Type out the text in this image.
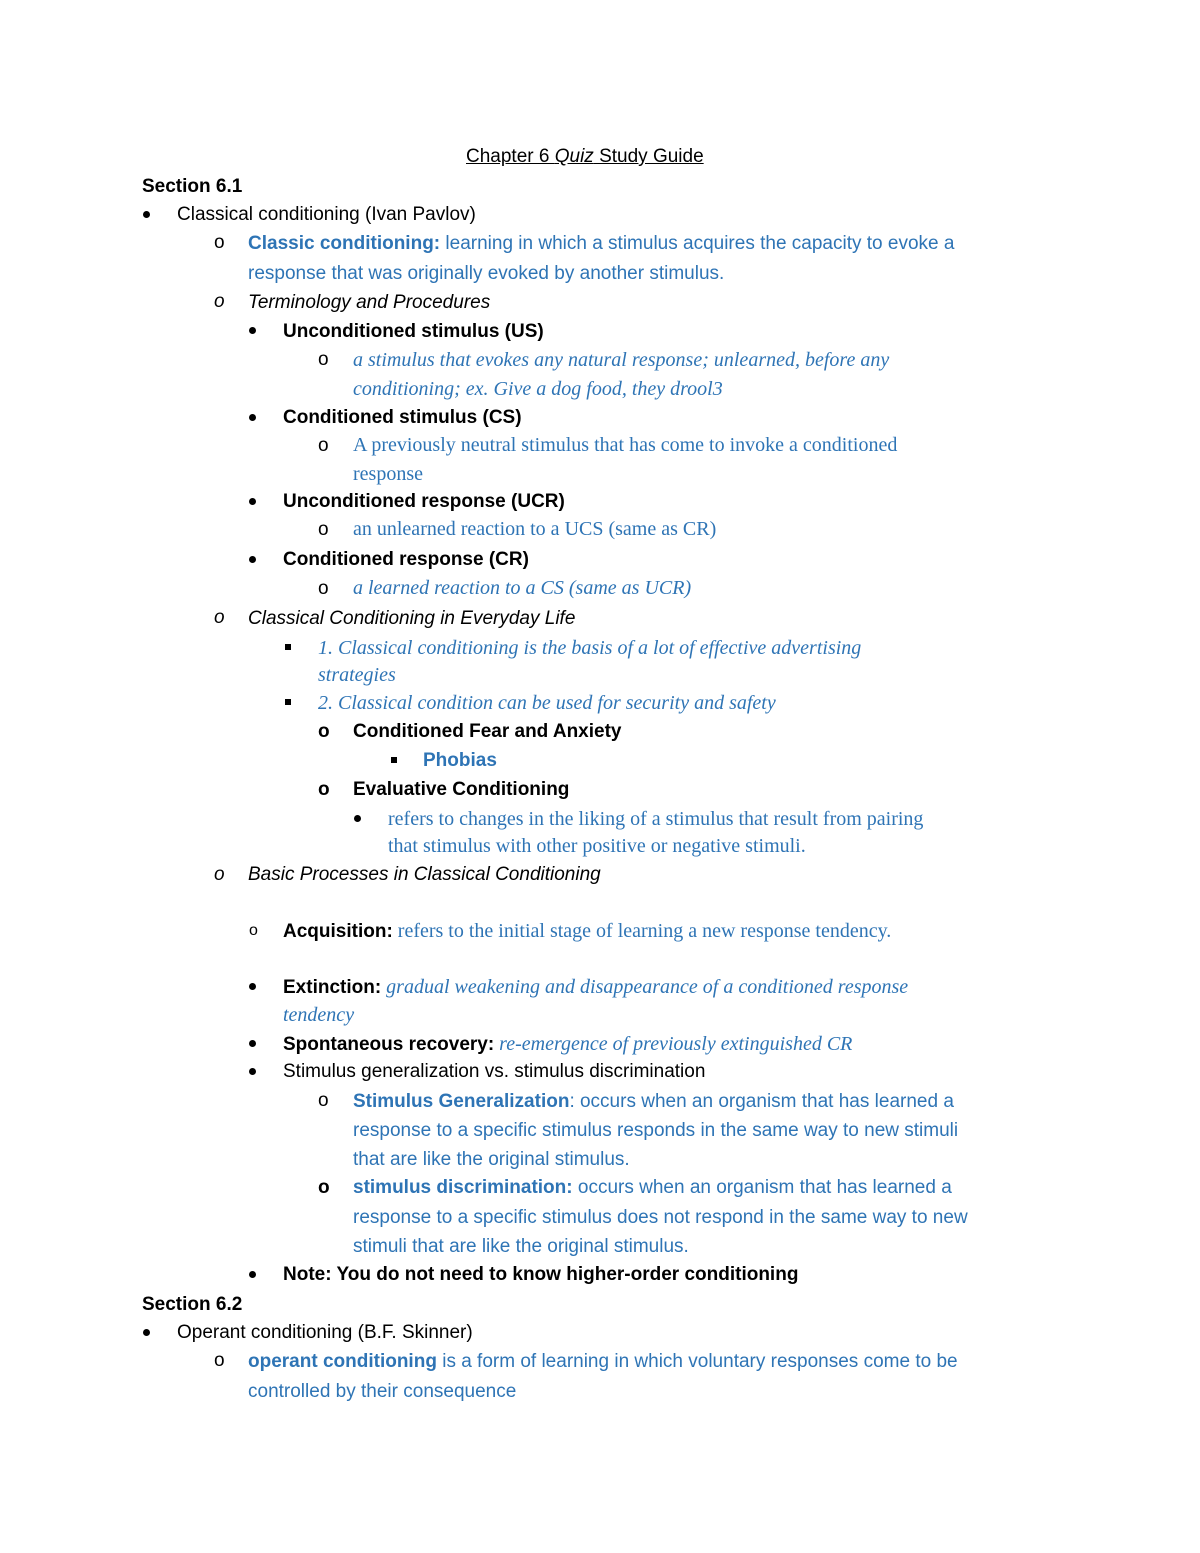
Chapter 6 Quiz Study Guide
Section 6.1
Classical conditioning (Ivan Pavlov)
o Classic conditioning: learning in which a stimulus acquires the capacity to evoke a
response that was originally evoked by another stimulus.
o Terminology and Procedures
Unconditioned stimulus (US)
o a stimulus that evokes any natural response; unlearned, before any
conditioning; ex. Give a dog food, they drool3
Conditioned stimulus (CS)
o A previously neutral stimulus that has come to invoke a conditioned
response
Unconditioned response (UCR)
o an unlearned reaction to a UCS (same as CR)
Conditioned response (CR)
o a learned reaction to a CS (same as UCR)
o Classical Conditioning in Everyday Life
1. Classical conditioning is the basis of a lot of effective advertising
strategies
2. Classical condition can be used for security and safety
o Conditioned Fear and Anxiety
Phobias
o Evaluative Conditioning
refers to changes in the liking of a stimulus that result from pairing
that stimulus with other positive or negative stimuli.
o Basic Processes in Classical Conditioning
o Acquisition: refers to the initial stage of learning a new response tendency.
Extinction: gradual weakening and disappearance of a conditioned response
tendency
Spontaneous recovery: re-emergence of previously extinguished CR
Stimulus generalization vs. stimulus discrimination
o Stimulus Generalization: occurs when an organism that has learned a
response to a specific stimulus responds in the same way to new stimuli
that are like the original stimulus.
o stimulus discrimination: occurs when an organism that has learned a
response to a specific stimulus does not respond in the same way to new
stimuli that are like the original stimulus.
Note: You do not need to know higher-order conditioning
Section 6.2
Operant conditioning (B.F. Skinner)
o operant conditioning is a form of learning in which voluntary responses come to be
controlled by their consequence
